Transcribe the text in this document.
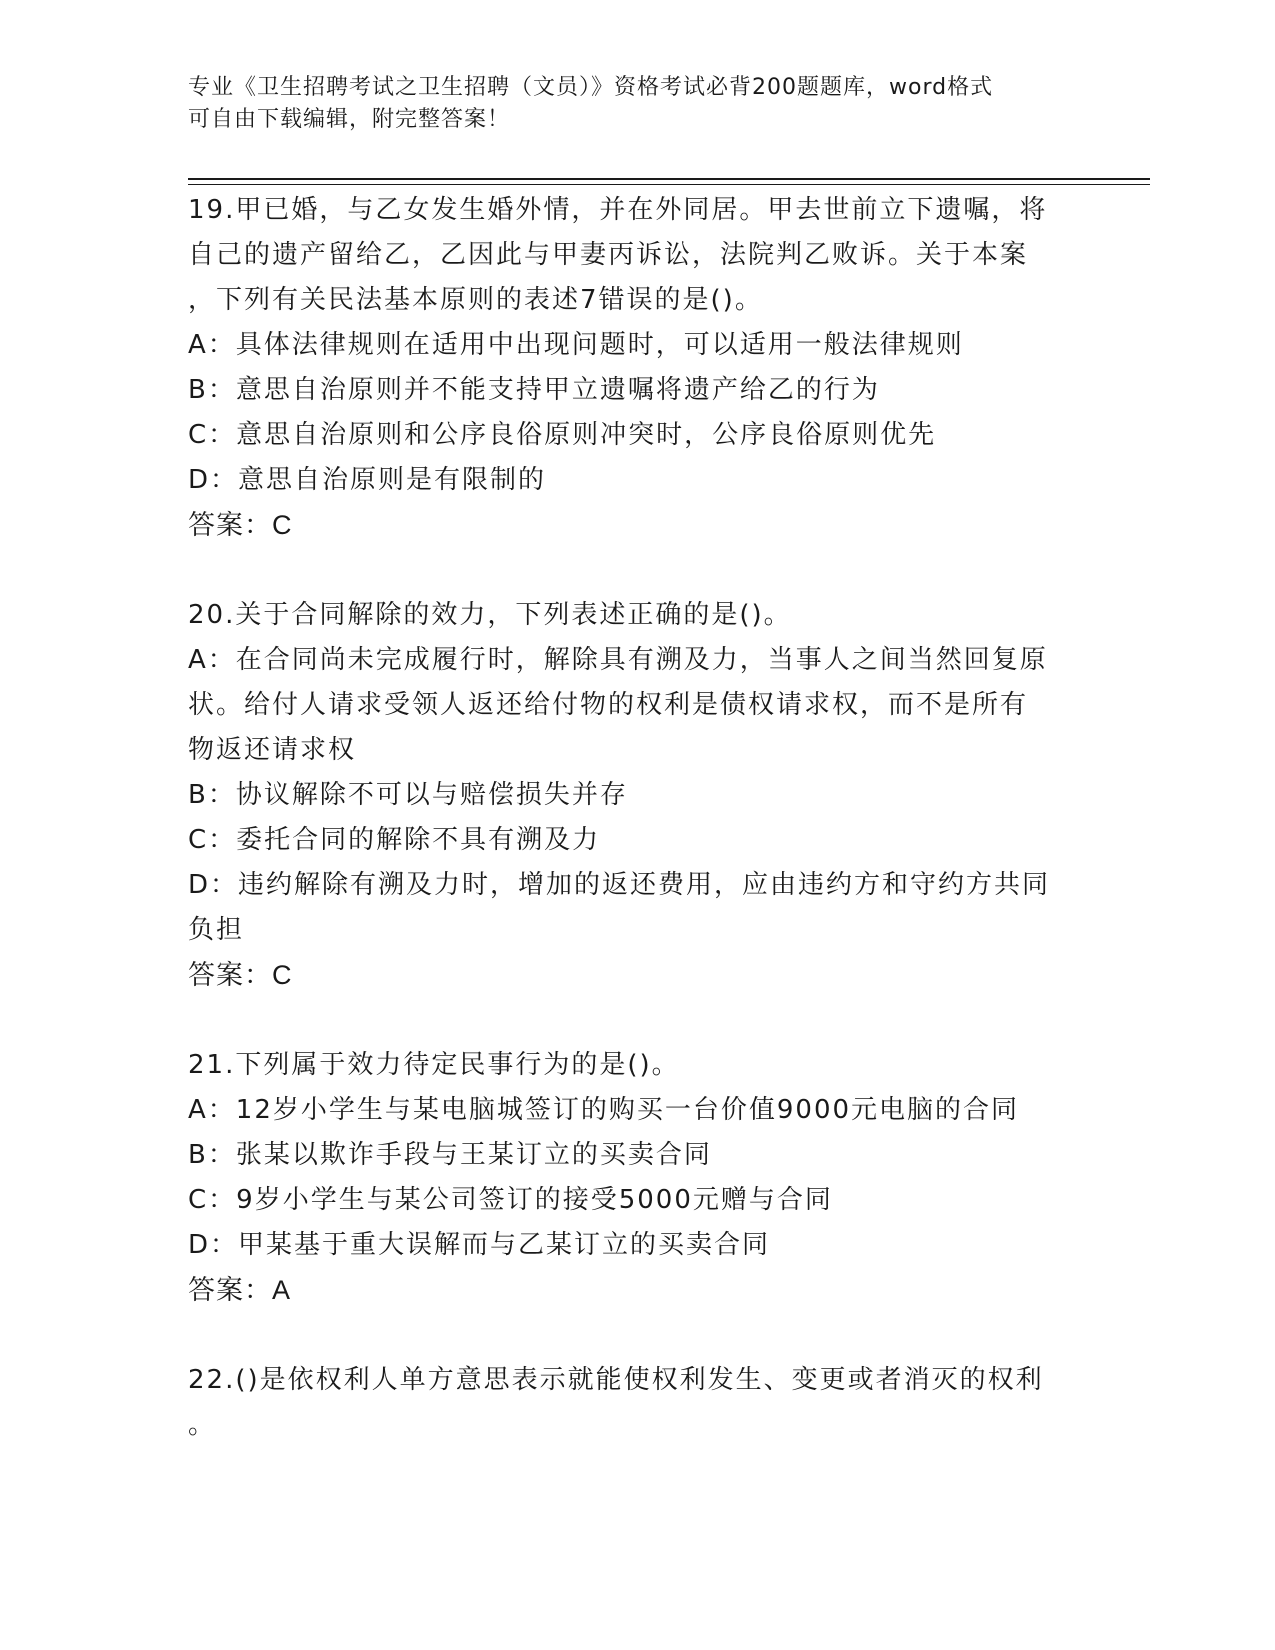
专业《卫生招聘考试之卫生招聘（文员）》资格考试必背200题题库，word格式
可自由下载编辑，附完整答案！
19.甲已婚，与乙女发生婚外情，并在外同居。甲去世前立下遗嘱，将
自己的遗产留给乙，乙因此与甲妻丙诉讼，法院判乙败诉。关于本案
，下列有关民法基本原则的表述7错误的是()。
A：具体法律规则在适用中出现问题时，可以适用一般法律规则
B：意思自治原则并不能支持甲立遗嘱将遗产给乙的行为
C：意思自治原则和公序良俗原则冲突时，公序良俗原则优先
D：意思自治原则是有限制的
答案：C
20.关于合同解除的效力，下列表述正确的是()。
A：在合同尚未完成履行时，解除具有溯及力，当事人之间当然回复原
状。给付人请求受领人返还给付物的权利是债权请求权，而不是所有
物返还请求权
B：协议解除不可以与赔偿损失并存
C：委托合同的解除不具有溯及力
D：违约解除有溯及力时，增加的返还费用，应由违约方和守约方共同
负担
答案：C
21.下列属于效力待定民事行为的是()。
A：12岁小学生与某电脑城签订的购买一台价值9000元电脑的合同
B：张某以欺诈手段与王某订立的买卖合同
C：9岁小学生与某公司签订的接受5000元赠与合同
D：甲某基于重大误解而与乙某订立的买卖合同
答案：A
22.()是依权利人单方意思表示就能使权利发生、变更或者消灭的权利
。
